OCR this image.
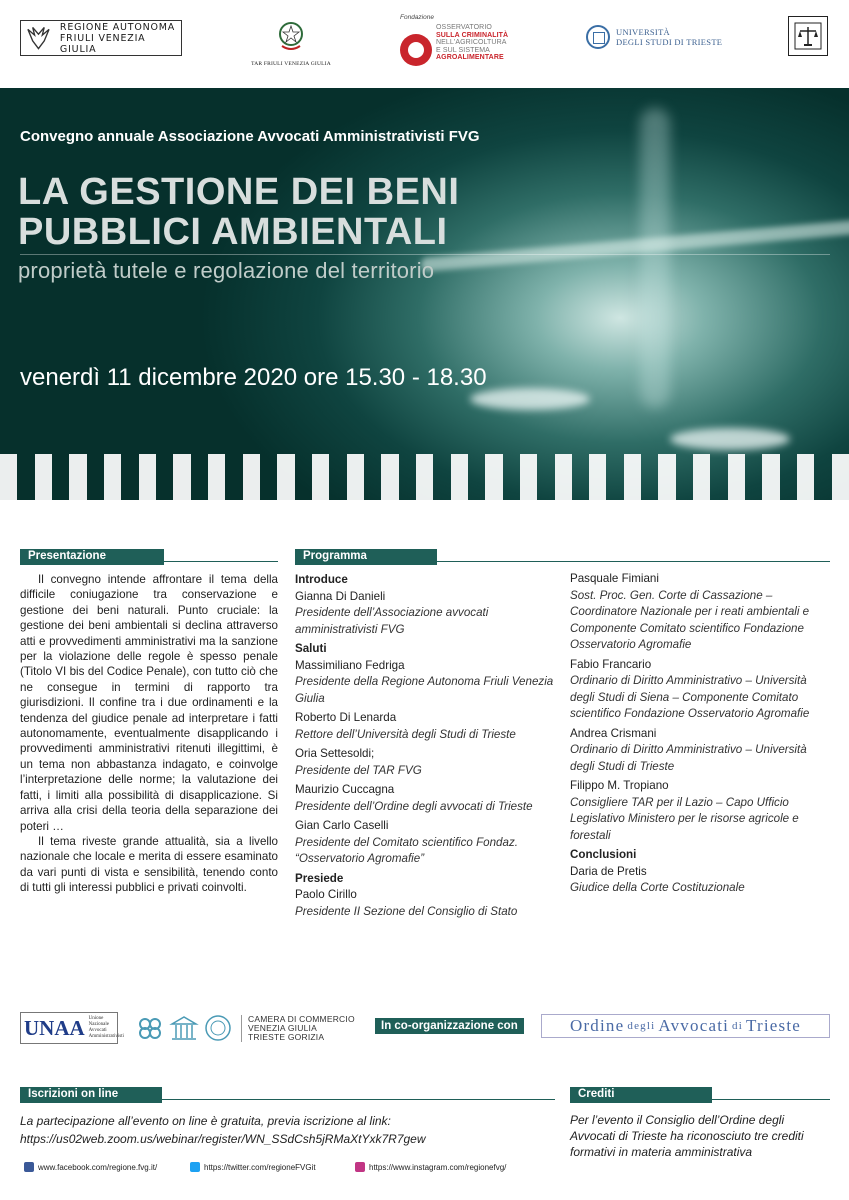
REGIONE AUTONOMA
FRIULI VENEZIA GIULIA
TAR FRIULI VENEZIA GIULIA
Fondazione
OSSERVATORIO
SULLA CRIMINALITÀ
NELL'AGRICOLTURA
E SUL SISTEMA
AGROALIMENTARE
UNIVERSITÀ
DEGLI STUDI DI TRIESTE
Convegno annuale Associazione Avvocati Amministrativisti FVG
LA GESTIONE DEI BENI
PUBBLICI AMBIENTALI
proprietà tutele e regolazione del territorio
venerdì 11 dicembre 2020 ore 15.30 - 18.30
Presentazione

Il convegno intende affrontare il tema della difficile coniugazione tra conservazione e gestione dei beni naturali. Punto cruciale: la gestione dei beni ambientali si declina attraverso atti e provvedimenti amministrativi ma la sanzione per la violazione delle regole è spesso penale (Titolo VI bis del Codice Penale), con tutto ciò che ne consegue in termini di rapporto tra giurisdizioni. Il confine tra i due ordinamenti e la tendenza del giudice penale ad interpretare i fatti autonomamente, eventualmente disapplicando i provvedimenti amministrativi ritenuti illegittimi, è un tema non abbastanza indagato, e coinvolge l’interpretazione delle norme; la valutazione dei fatti, i limiti alla possibilità di disapplicazione. Si arriva alla crisi della teoria della separazione dei poteri …

Il tema riveste grande attualità, sia a livello nazionale che locale e merita di essere esaminato da vari punti di vista e sensibilità, tenendo conto di tutti gli interessi pubblici e privati coinvolti.

Programma
Introduce
Gianna Di Danieli
Presidente dell’Associazione avvocati amministrativisti FVG
Saluti
Massimiliano Fedriga
Presidente della Regione Autonoma Friuli Venezia Giulia
Roberto Di Lenarda
Rettore dell’Università degli Studi di Trieste
Oria Settesoldi;
Presidente del TAR FVG
Maurizio Cuccagna
Presidente dell’Ordine degli avvocati di Trieste
Gian Carlo Caselli
Presidente del Comitato scientifico Fondaz. “Osservatorio Agromafie”
Presiede
Paolo Cirillo
Presidente II Sezione del Consiglio di Stato
Pasquale Fimiani
Sost. Proc. Gen. Corte di Cassazione – Coordinatore Nazionale per i reati ambientali e Componente Comitato scientifico Fondazione Osservatorio Agromafie
Fabio Francario
Ordinario di Diritto Amministrativo – Università degli Studi di Siena – Componente Comitato scientifico Fondazione Osservatorio Agromafie
Andrea Crismani
Ordinario di Diritto Amministrativo – Università degli Studi di Trieste
Filippo M. Tropiano
Consigliere TAR per il Lazio – Capo Ufficio Legislativo Ministero per le risorse agricole e forestali
Conclusioni
Daria de Pretis
Giudice della Corte Costituzionale
UNAA Unione
Nazionale
Avvocati
Amministrativisti
CAMERA DI COMMERCIO
VENEZIA GIULIA
TRIESTE GORIZIA
In co-organizzazione con	Ordine degli Avvocati di Trieste
Iscrizioni on line
La partecipazione all’evento on line è gratuita, previa iscrizione al link:
https://us02web.zoom.us/webinar/register/WN_SSdCsh5jRMaXtYxk7R7gew
Crediti
Per l’evento il Consiglio dell’Ordine degli Avvocati di Trieste ha riconosciuto tre crediti formativi in materia amministrativa
www.facebook.com/regione.fvg.it/	https://twitter.com/regioneFVGit	https://www.instagram.com/regionefvg/
